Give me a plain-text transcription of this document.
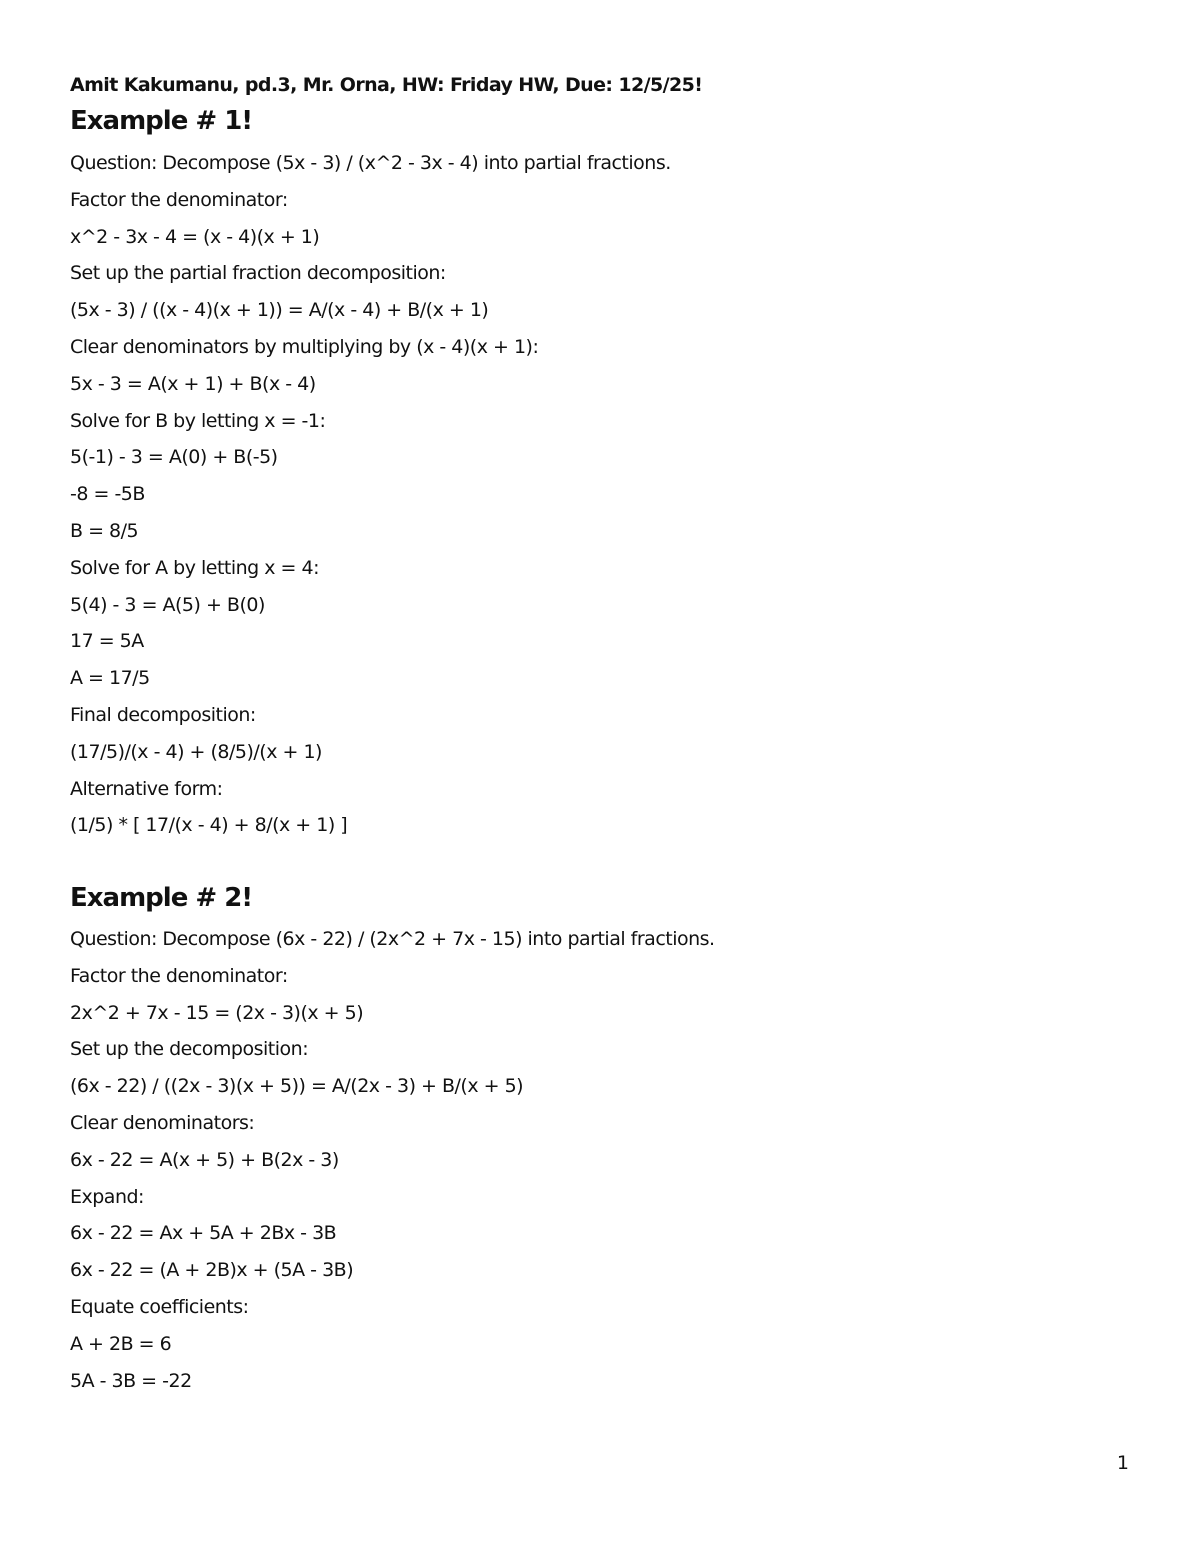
Amit Kakumanu, pd.3, Mr. Orna, HW: Friday HW, Due: 12/5/25!
Example # 1!
Question: Decompose (5x - 3) / (x^2 - 3x - 4) into partial fractions.
Factor the denominator:
x^2 - 3x - 4 = (x - 4)(x + 1)
Set up the partial fraction decomposition:
(5x - 3) / ((x - 4)(x + 1)) = A/(x - 4) + B/(x + 1)
Clear denominators by multiplying by (x - 4)(x + 1):
5x - 3 = A(x + 1) + B(x - 4)
Solve for B by letting x = -1:
5(-1) - 3 = A(0) + B(-5)
-8 = -5B
B = 8/5
Solve for A by letting x = 4:
5(4) - 3 = A(5) + B(0)
17 = 5A
A = 17/5
Final decomposition:
(17/5)/(x - 4) + (8/5)/(x + 1)
Alternative form:
(1/5) * [ 17/(x - 4) + 8/(x + 1) ]
Example # 2!
Question: Decompose (6x - 22) / (2x^2 + 7x - 15) into partial fractions.
Factor the denominator:
2x^2 + 7x - 15 = (2x - 3)(x + 5)
Set up the decomposition:
(6x - 22) / ((2x - 3)(x + 5)) = A/(2x - 3) + B/(x + 5)
Clear denominators:
6x - 22 = A(x + 5) + B(2x - 3)
Expand:
6x - 22 = Ax + 5A + 2Bx - 3B
6x - 22 = (A + 2B)x + (5A - 3B)
Equate coefficients:
A + 2B = 6
5A - 3B = -22
1
